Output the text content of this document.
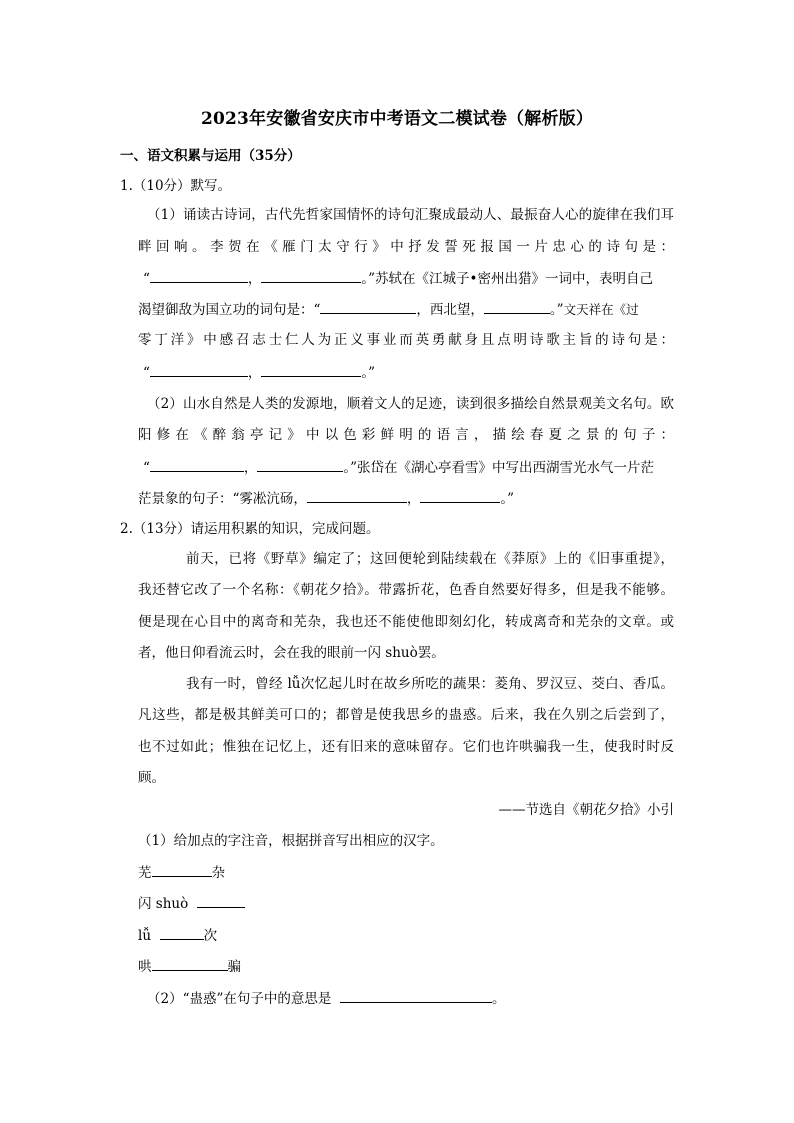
2023年安徽省安庆市中考语文二模试卷（解析版）
一、语文积累与运用（35分）
1.（10分）默写。
（1）诵读古诗词，古代先哲家国情怀的诗句汇聚成最动人、最振奋人心的旋律在我们耳
畔回响。李贺在《雁门太守行》中抒发誓死报国一片忠心的诗句是：
“	，	。”苏轼在《江城子•密州出猎》一词中，表明自己
渴望御敌为国立功的词句是：“	，西北望，	。”文天祥在《过
零丁洋》中感召志士仁人为正义事业而英勇献身且点明诗歌主旨的诗句是：
“	，	。”
（2）山水自然是人类的发源地，顺着文人的足迹，读到很多描绘自然景观美文名句。欧
阳修在《醉翁亭记》中以色彩鲜明的语言，描绘春夏之景的句子：
“	，	。”张岱在《湖心亭看雪》中写出西湖雪光水气一片茫
茫景象的句子：“雾凇沆砀，	，	。”
2.（13分）请运用积累的知识，完成问题。
前天，已将《野草》编定了；这回便轮到陆续载在《莽原》上的《旧事重提》，
我还替它改了一个名称：《朝花夕拾》。带露折花，色香自然要好得多，但是我不能够。
便是现在心目中的离奇和芜杂，我也还不能使他即刻幻化，转成离奇和芜杂的文章。或
者，他日仰看流云时，会在我的眼前一闪 shuò罢。
我有一时，曾经 lǚ次忆起儿时在故乡所吃的蔬果：菱角、罗汉豆、茭白、香瓜。
凡这些，都是极其鲜美可口的；都曾是使我思乡的蛊惑。后来，我在久别之后尝到了，
也不过如此；惟独在记忆上，还有旧来的意味留存。它们也许哄骗我一生，使我时时反
顾。
——节选自《朝花夕拾》小引
（1）给加点的字注音，根据拼音写出相应的汉字。
芜	杂
闪 shuò
lǚ	次
哄	骗
（2）“蛊惑”在句子中的意思是	。
